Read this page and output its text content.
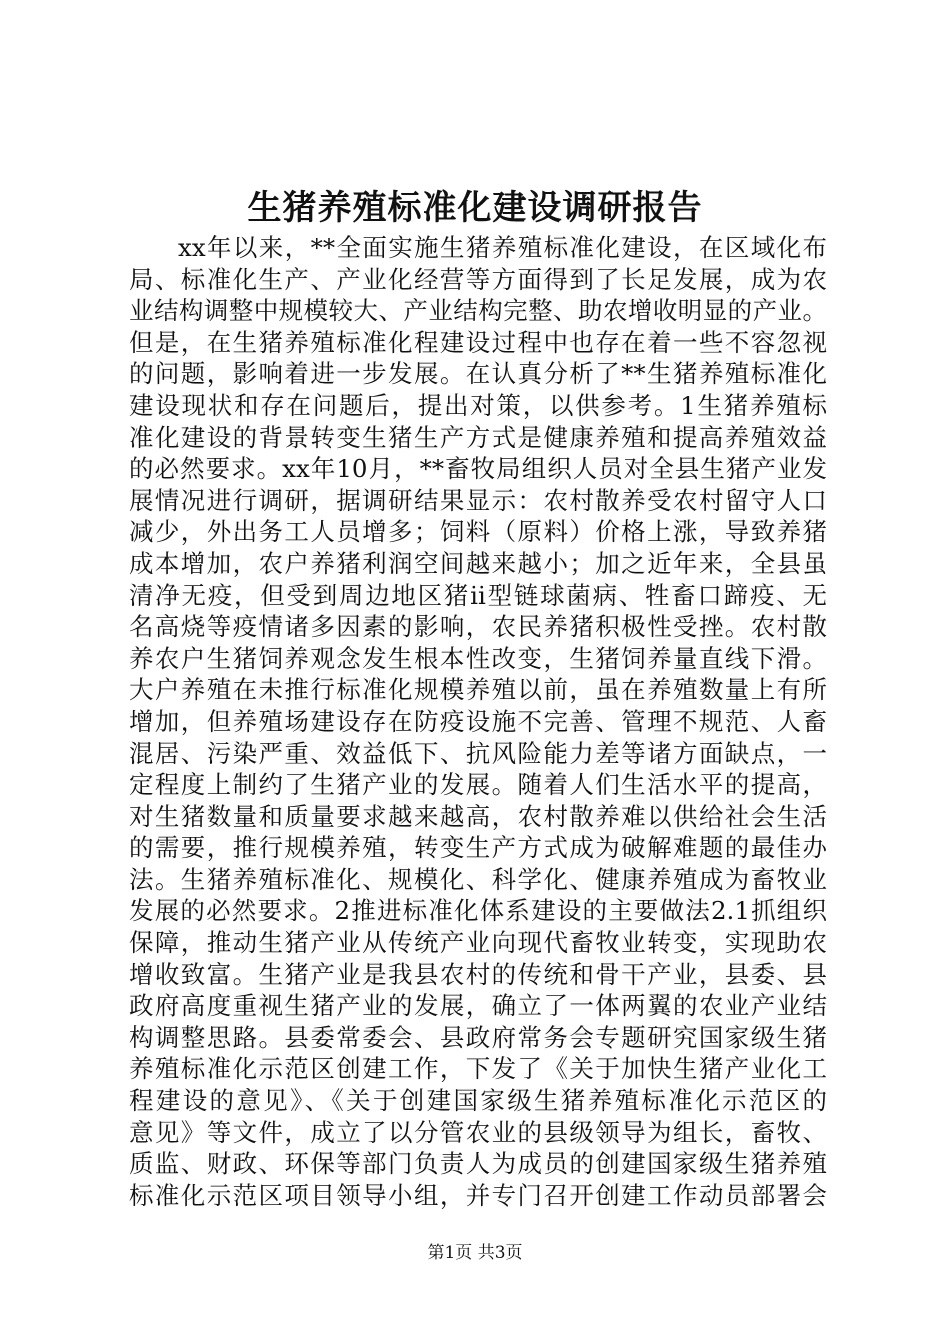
生猪养殖标准化建设调研报告
xx年以来，**全面实施生猪养殖标准化建设，在区域化布
局、标准化生产、产业化经营等方面得到了长足发展，成为农
业结构调整中规模较大、产业结构完整、助农增收明显的产业。
但是，在生猪养殖标准化程建设过程中也存在着一些不容忽视
的问题，影响着进一步发展。在认真分析了**生猪养殖标准化
建设现状和存在问题后，提出对策，以供参考。1生猪养殖标
准化建设的背景转变生猪生产方式是健康养殖和提高养殖效益
的必然要求。xx年10月，**畜牧局组织人员对全县生猪产业发
展情况进行调研，据调研结果显示：农村散养受农村留守人口
减少，外出务工人员增多；饲料（原料）价格上涨，导致养猪
成本增加，农户养猪利润空间越来越小；加之近年来，全县虽
清净无疫，但受到周边地区猪ii型链球菌病、牲畜口蹄疫、无
名高烧等疫情诸多因素的影响，农民养猪积极性受挫。农村散
养农户生猪饲养观念发生根本性改变，生猪饲养量直线下滑。
大户养殖在未推行标准化规模养殖以前，虽在养殖数量上有所
增加，但养殖场建设存在防疫设施不完善、管理不规范、人畜
混居、污染严重、效益低下、抗风险能力差等诸方面缺点，一
定程度上制约了生猪产业的发展。随着人们生活水平的提高，
对生猪数量和质量要求越来越高，农村散养难以供给社会生活
的需要，推行规模养殖，转变生产方式成为破解难题的最佳办
法。生猪养殖标准化、规模化、科学化、健康养殖成为畜牧业
发展的必然要求。2推进标准化体系建设的主要做法2.1抓组织
保障，推动生猪产业从传统产业向现代畜牧业转变，实现助农
增收致富。生猪产业是我县农村的传统和骨干产业，县委、县
政府高度重视生猪产业的发展，确立了一体两翼的农业产业结
构调整思路。县委常委会、县政府常务会专题研究国家级生猪
养殖标准化示范区创建工作，下发了《关于加快生猪产业化工
程建设的意见》、《关于创建国家级生猪养殖标准化示范区的
意见》等文件，成立了以分管农业的县级领导为组长，畜牧、
质监、财政、环保等部门负责人为成员的创建国家级生猪养殖
标准化示范区项目领导小组，并专门召开创建工作动员部署会
第1页 共3页
